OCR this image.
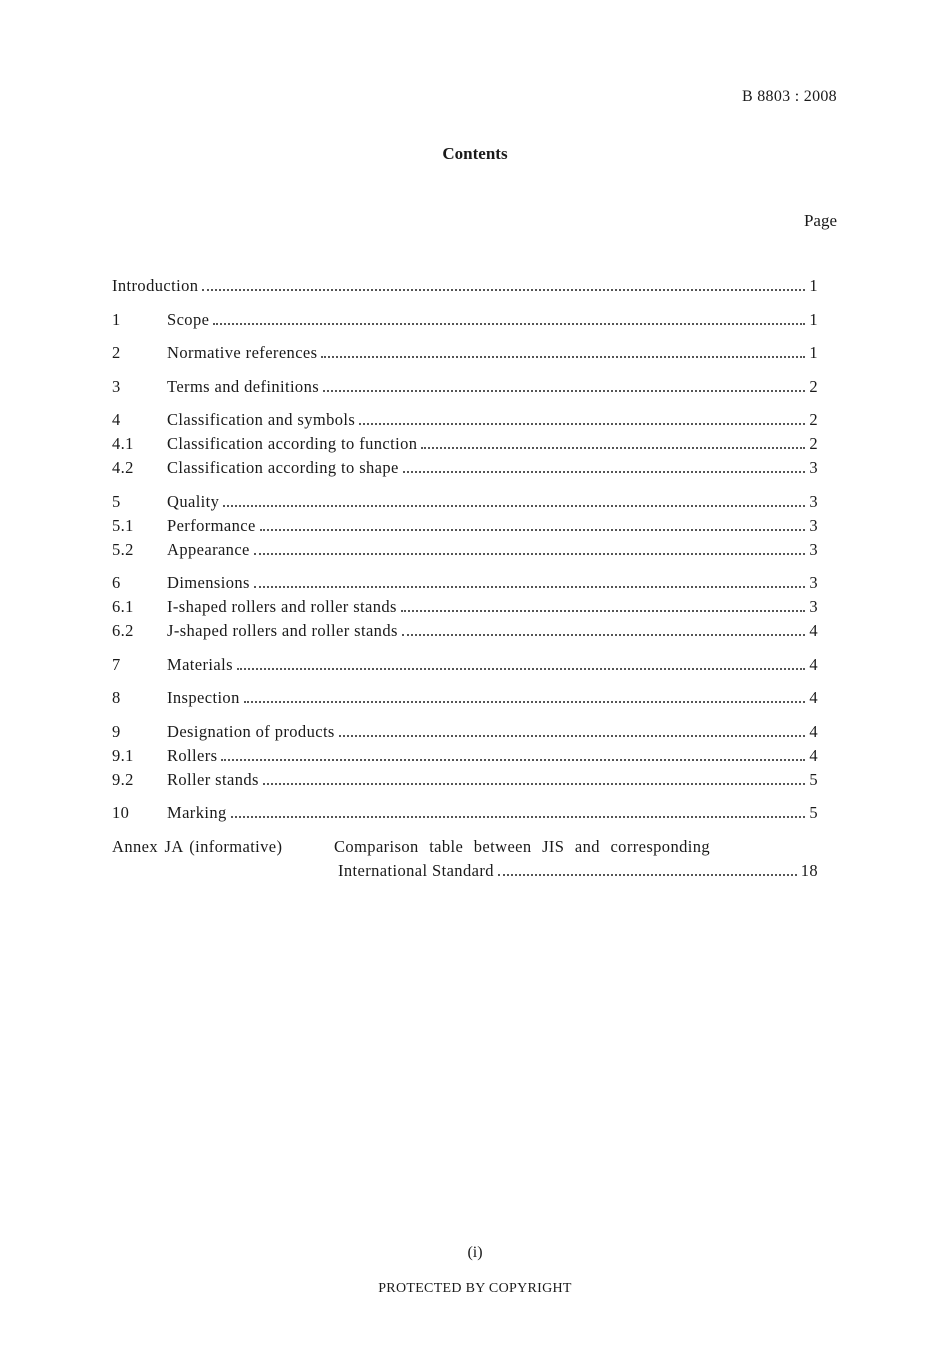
B 8803 : 2008
Contents
Page
Introduction	1
1	Scope	1
2	Normative references	1
3	Terms and definitions	2
4	Classification and symbols	2
4.1	Classification according to function	2
4.2	Classification according to shape	3
5	Quality	3
5.1	Performance	3
5.2	Appearance	3
6	Dimensions	3
6.1	I-shaped rollers and roller stands	3
6.2	J-shaped rollers and roller stands	4
7	Materials	4
8	Inspection	4
9	Designation of products	4
9.1	Rollers	4
9.2	Roller stands	5
10	Marking	5
Annex JA (informative)	Comparison table between JIS and corresponding
International Standard	18
(i)
PROTECTED BY COPYRIGHT
